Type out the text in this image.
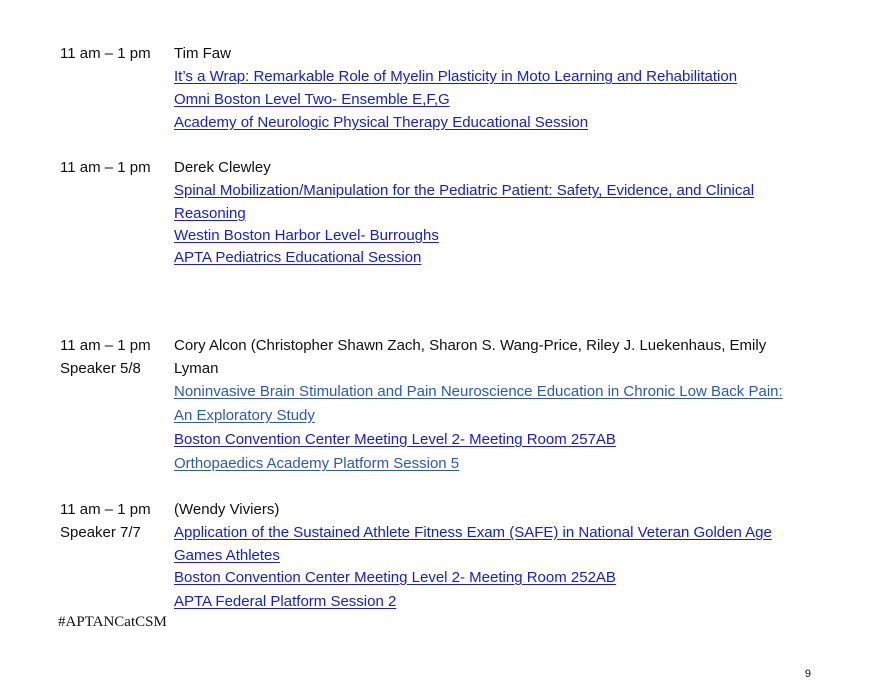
11 am – 1 pm	Tim Faw
It’s a Wrap: Remarkable Role of Myelin Plasticity in Moto Learning and Rehabilitation
Omni Boston Level Two- Ensemble E,F,G
Academy of Neurologic Physical Therapy Educational Session
11 am – 1 pm	Derek Clewley
Spinal Mobilization/Manipulation for the Pediatric Patient: Safety, Evidence, and Clinical Reasoning
Westin Boston Harbor Level- Burroughs
APTA Pediatrics Educational Session
11 am – 1 pm
Speaker 5/8
Cory Alcon (Christopher Shawn Zach, Sharon S. Wang-Price, Riley J. Luekenhaus, Emily Lyman
Noninvasive Brain Stimulation and Pain Neuroscience Education in Chronic Low Back Pain: An Exploratory Study
Boston Convention Center Meeting Level 2- Meeting Room 257AB
Orthopaedics Academy Platform Session 5
11 am – 1 pm
Speaker 7/7
(Wendy Viviers)
Application of the Sustained Athlete Fitness Exam (SAFE) in National Veteran Golden Age Games Athletes
Boston Convention Center Meeting Level 2- Meeting Room 252AB
APTA Federal Platform Session 2
#APTANCatCSM
9
